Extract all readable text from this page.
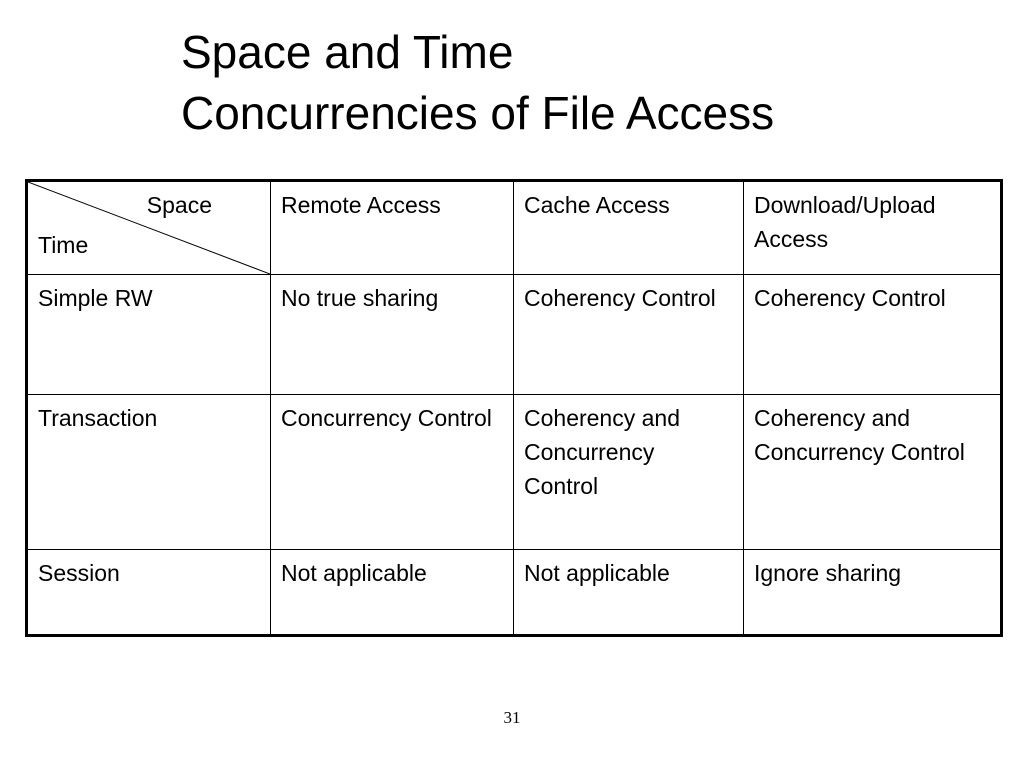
Space and Time
Concurrencies of File Access
Space
Time	Remote Access	Cache Access	Download/Upload Access
Simple RW	No true sharing	Coherency Control	Coherency Control
Transaction	Concurrency Control	Coherency and Concurrency Control	Coherency and Concurrency Control
Session	Not applicable	Not applicable	Ignore sharing
31
